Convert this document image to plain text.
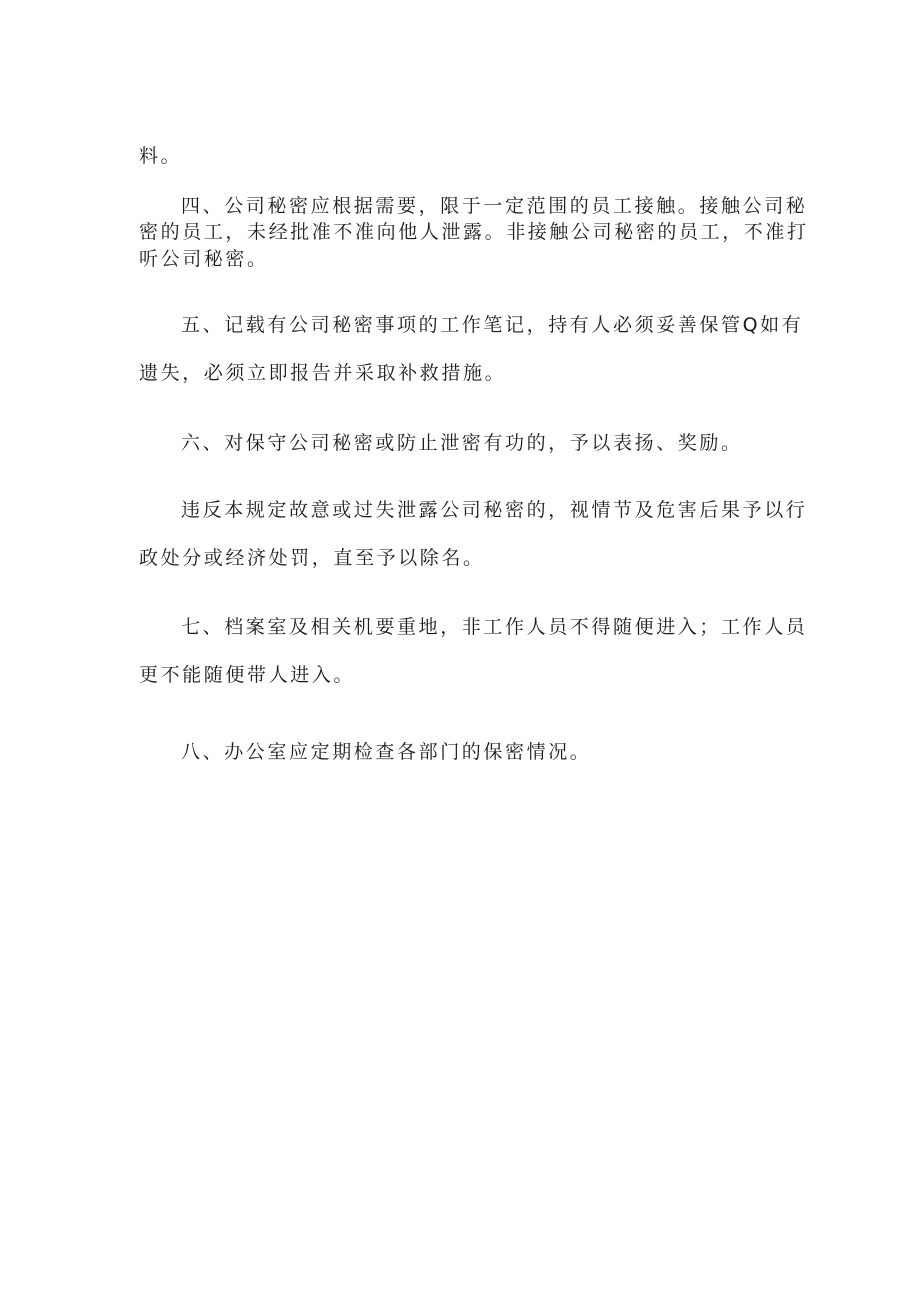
料。
四、公司秘密应根据需要，限于一定范围的员工接触。接触公司秘
密的员工，未经批准不准向他人泄露。非接触公司秘密的员工，不准打
听公司秘密。
五、记载有公司秘密事项的工作笔记，持有人必须妥善保管Q如有
遗失，必须立即报告并采取补救措施。
六、对保守公司秘密或防止泄密有功的，予以表扬、奖励。
违反本规定故意或过失泄露公司秘密的，视情节及危害后果予以行
政处分或经济处罚，直至予以除名。
七、档案室及相关机要重地，非工作人员不得随便进入；工作人员
更不能随便带人进入。
八、办公室应定期检查各部门的保密情况。
